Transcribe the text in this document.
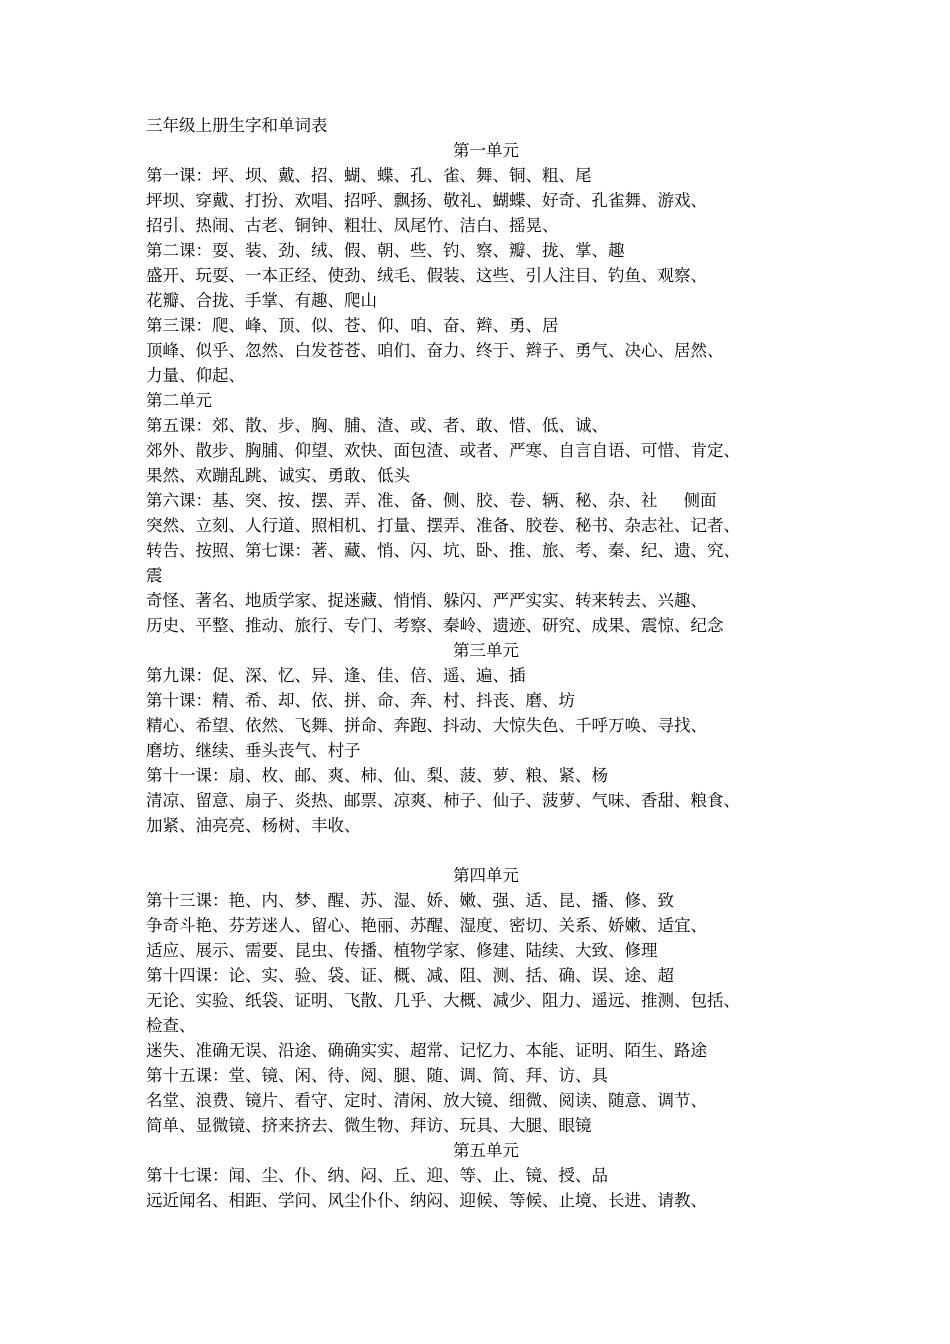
三年级上册生字和单词表
第一单元
第一课：坪、坝、戴、招、蝴、蝶、孔、雀、舞、铜、粗、尾
坪坝、穿戴、打扮、欢唱、招呼、飘扬、敬礼、蝴蝶、好奇、孔雀舞、游戏、
招引、热闹、古老、铜钟、粗壮、凤尾竹、洁白、摇晃、
第二课：耍、装、劲、绒、假、朝、些、钓、察、瓣、拢、掌、趣
盛开、玩耍、一本正经、使劲、绒毛、假装、这些、引人注目、钓鱼、观察、
花瓣、合拢、手掌、有趣、爬山
第三课：爬、峰、顶、似、苍、仰、咱、奋、辫、勇、居
顶峰、似乎、忽然、白发苍苍、咱们、奋力、终于、辫子、勇气、决心、居然、
力量、仰起、
第二单元
第五课：郊、散、步、胸、脯、渣、或、者、敢、惜、低、诚、
郊外、散步、胸脯、仰望、欢快、面包渣、或者、严寒、自言自语、可惜、肯定、
果然、欢蹦乱跳、诚实、勇敢、低头
第六课：基、突、按、摆、弄、准、备、侧、胶、卷、辆、秘、杂、社 侧面
突然、立刻、人行道、照相机、打量、摆弄、准备、胶卷、秘书、杂志社、记者、
转告、按照、第七课：著、藏、悄、闪、坑、卧、推、旅、考、秦、纪、遗、究、
震
奇怪、著名、地质学家、捉迷藏、悄悄、躲闪、严严实实、转来转去、兴趣、
历史、平整、推动、旅行、专门、考察、秦岭、遗迹、研究、成果、震惊、纪念
第三单元
第九课：促、深、忆、异、逢、佳、倍、遥、遍、插
第十课：精、希、却、依、拼、命、奔、村、抖丧、磨、坊
精心、希望、依然、飞舞、拼命、奔跑、抖动、大惊失色、千呼万唤、寻找、
磨坊、继续、垂头丧气、村子
第十一课：扇、枚、邮、爽、柿、仙、梨、菠、萝、粮、紧、杨
清凉、留意、扇子、炎热、邮票、凉爽、柿子、仙子、菠萝、气味、香甜、粮食、
加紧、油亮亮、杨树、丰收、
第四单元
第十三课：艳、内、梦、醒、苏、湿、娇、嫩、强、适、昆、播、修、致
争奇斗艳、芬芳迷人、留心、艳丽、苏醒、湿度、密切、关系、娇嫩、适宜、
适应、展示、需要、昆虫、传播、植物学家、修建、陆续、大致、修理
第十四课：论、实、验、袋、证、概、减、阻、测、括、确、误、途、超
无论、实验、纸袋、证明、飞散、几乎、大概、减少、阻力、遥远、推测、包括、
检查、
迷失、准确无误、沿途、确确实实、超常、记忆力、本能、证明、陌生、路途
第十五课：堂、镜、闲、待、阅、腿、随、调、简、拜、访、具
名堂、浪费、镜片、看守、定时、清闲、放大镜、细微、阅读、随意、调节、
简单、显微镜、挤来挤去、微生物、拜访、玩具、大腿、眼镜
第五单元
第十七课：闻、尘、仆、纳、闷、丘、迎、等、止、镜、授、品
远近闻名、相距、学问、风尘仆仆、纳闷、迎候、等候、止境、长进、请教、
